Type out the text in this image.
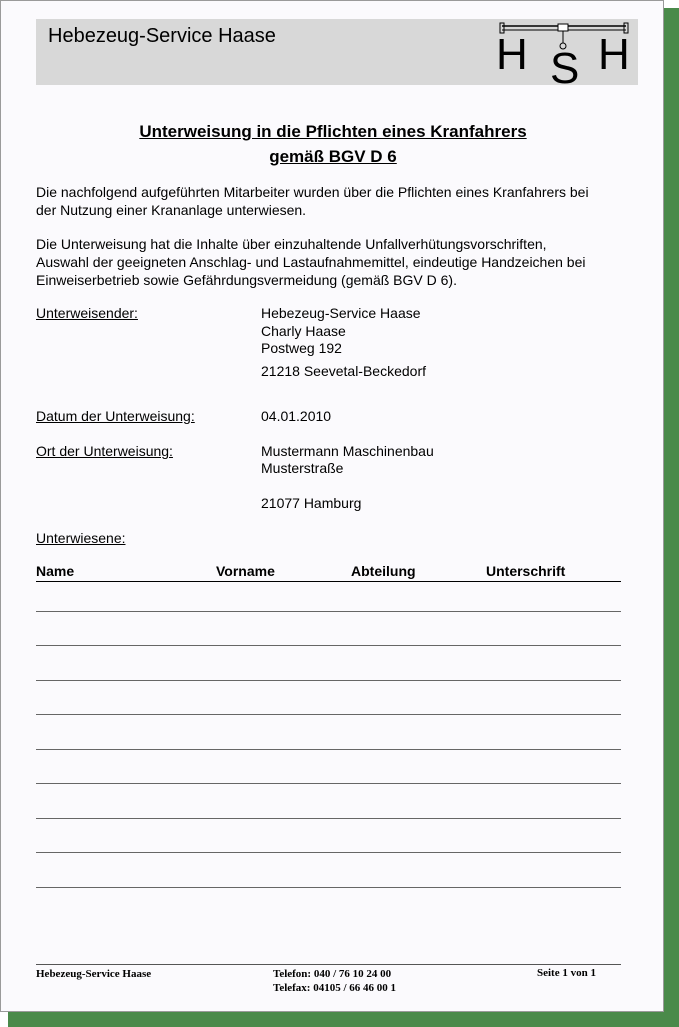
Hebezeug-Service Haase	H S H
Unterweisung in die Pflichten eines Kranfahrers
gemäß BGV D 6
Die nachfolgend aufgeführten Mitarbeiter wurden über die Pflichten eines Kranfahrers bei
der Nutzung einer Krananlage unterwiesen.
Die Unterweisung hat die Inhalte über einzuhaltende Unfallverhütungsvorschriften,
Auswahl der geeigneten Anschlag- und Lastaufnahmemittel, eindeutige Handzeichen bei
Einweiserbetrieb sowie Gefährdungsvermeidung (gemäß BGV D 6).
Unterweisender:	Hebezeug-Service Haase
Charly Haase
Postweg 192
21218 Seevetal-Beckedorf
Datum der Unterweisung:	04.01.2010
Ort der Unterweisung:	Mustermann Maschinenbau
Musterstraße
21077 Hamburg
Unterwiesene:
Name	Vorname	Abteilung	Unterschrift
Hebezeug-Service Haase	Telefon: 040 / 76 10 24 00
Telefax: 04105 / 66 46 00 1
Seite 1 von 1
